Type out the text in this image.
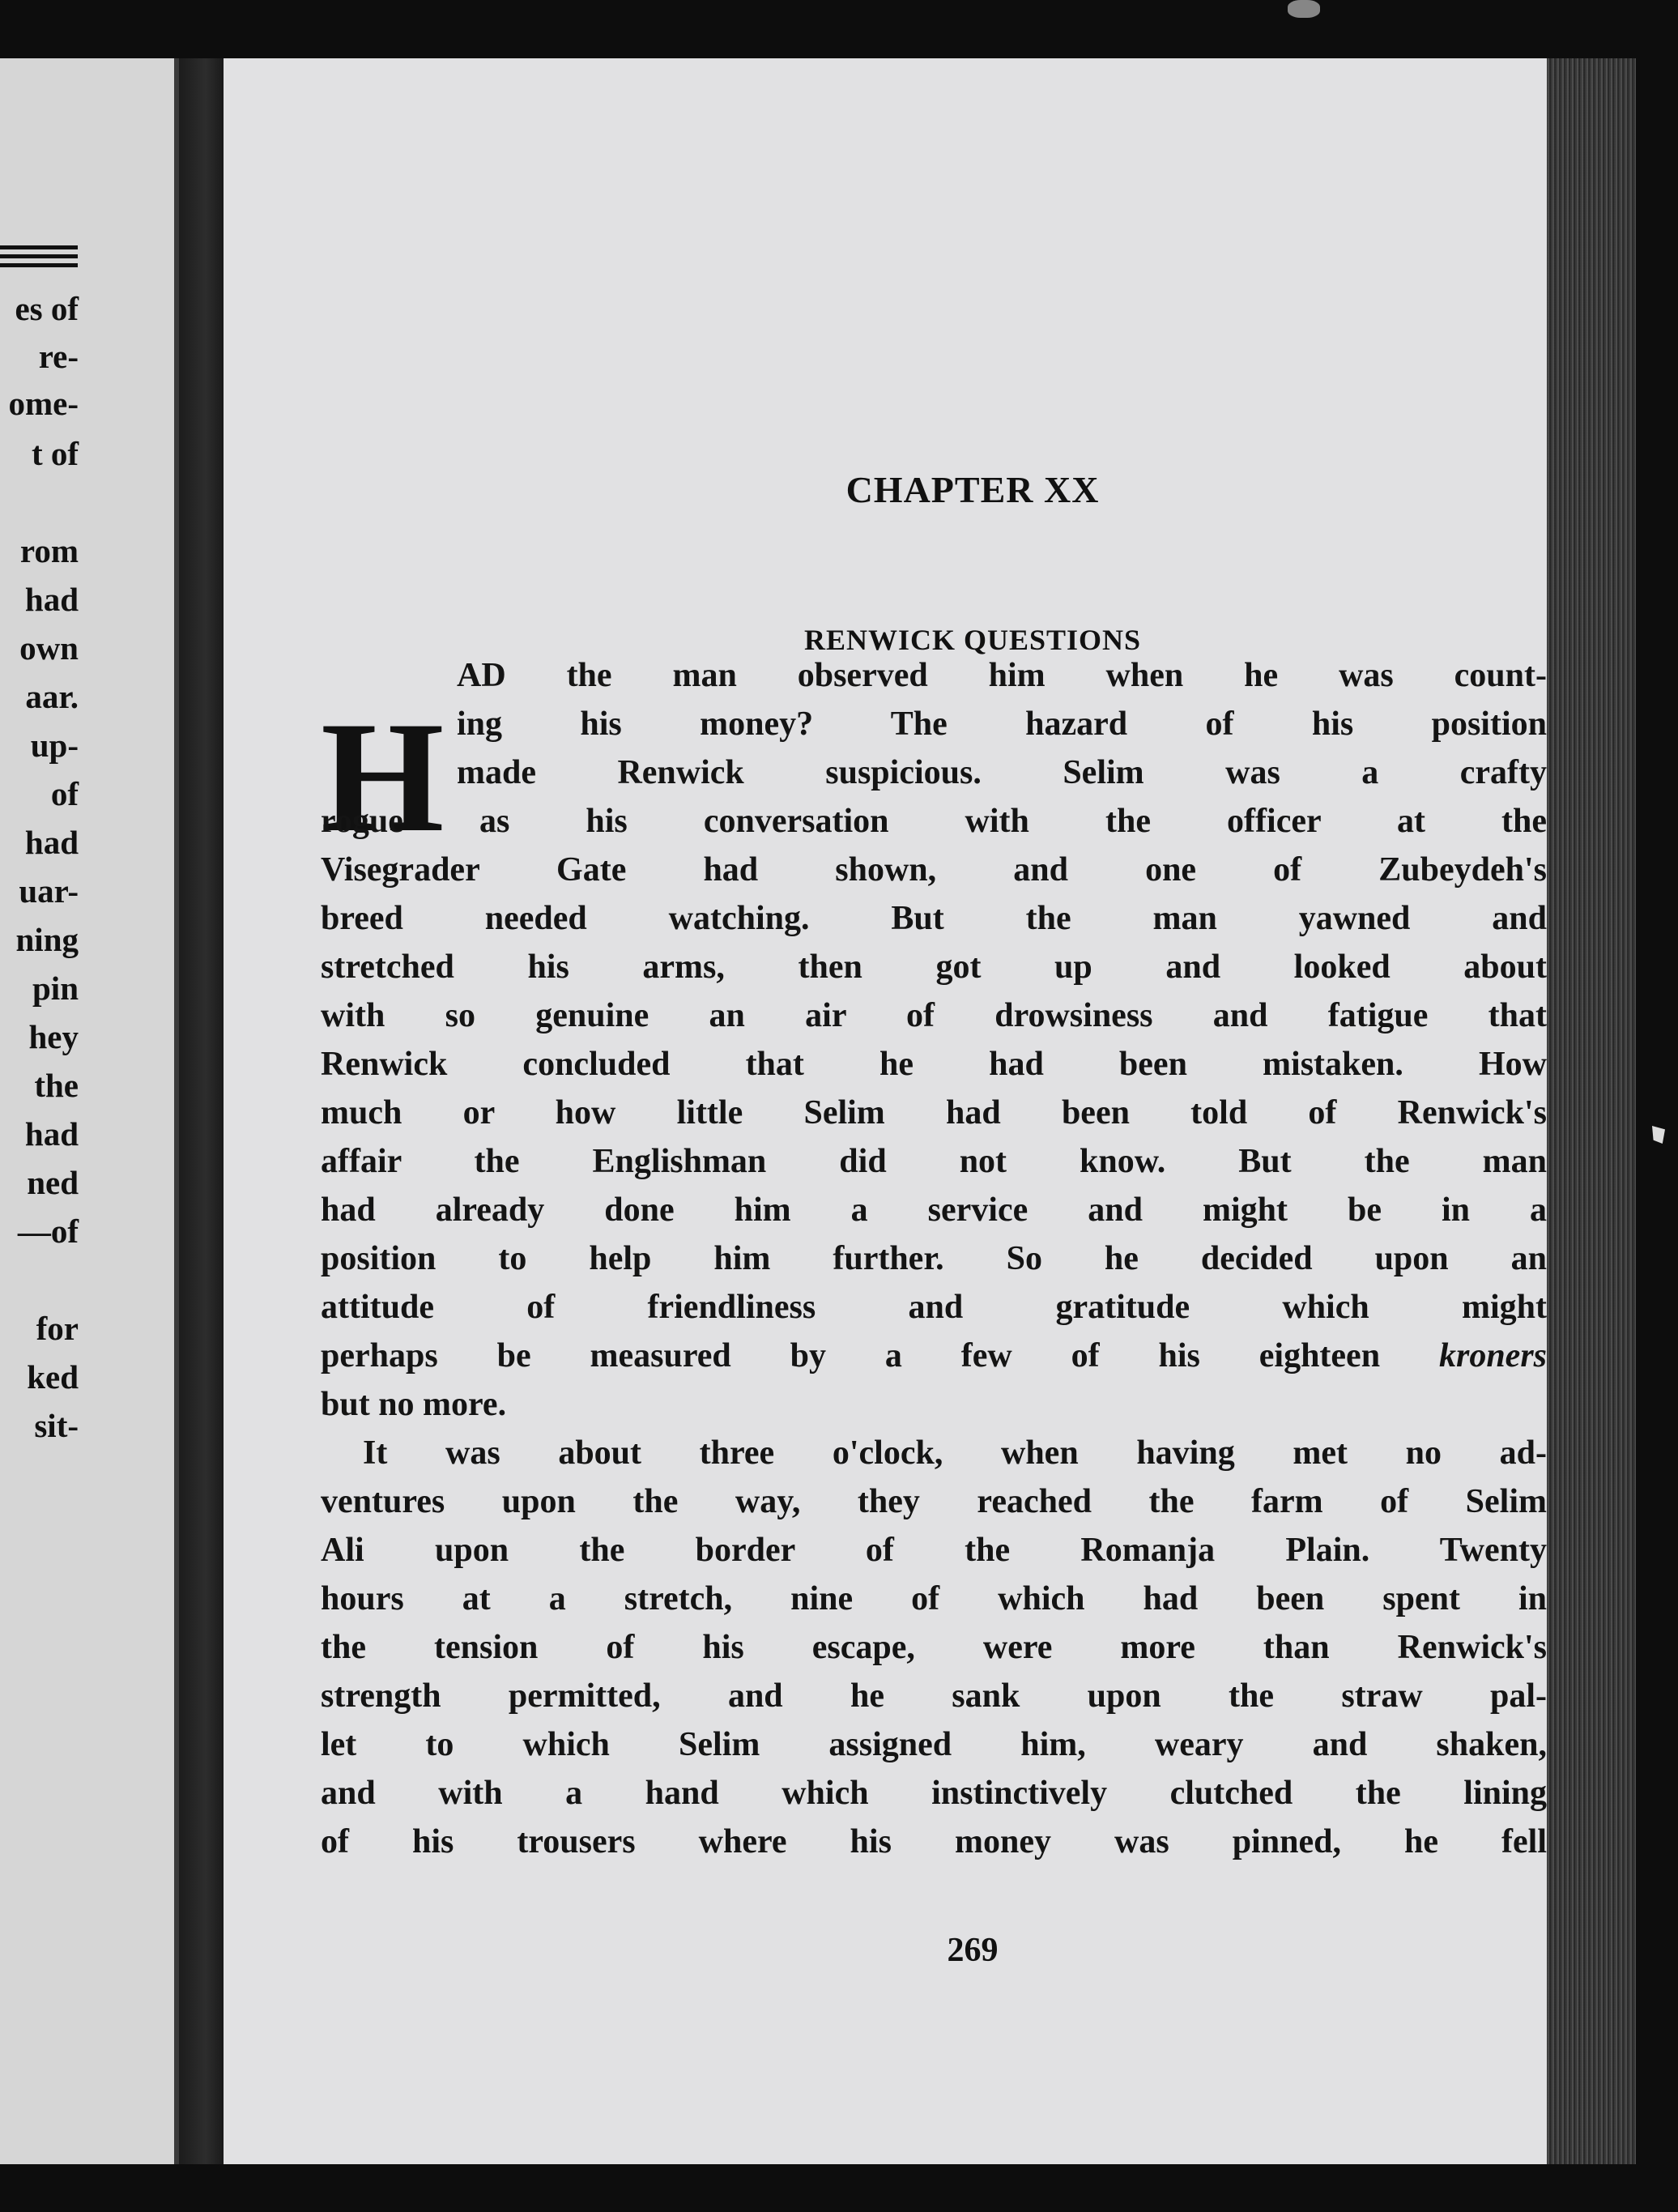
es of
re-
ome-
t of
rom
had
own
aar.
up-
of
had
uar-
ning
pin
hey
the
had
ned
—of
for
ked
sit-
CHAPTER XX
RENWICK QUESTIONS
H
AD the man observed him when he was count-
ing his money? The hazard of his position
made Renwick suspicious. Selim was a crafty
rogue as his conversation with the officer at the
Visegrader Gate had shown, and one of Zubeydeh's
breed needed watching. But the man yawned and
stretched his arms, then got up and looked about
with so genuine an air of drowsiness and fatigue that
Renwick concluded that he had been mistaken. How
much or how little Selim had been told of Renwick's
affair the Englishman did not know. But the man
had already done him a service and might be in a
position to help him further. So he decided upon an
attitude of friendliness and gratitude which might
perhaps be measured by a few of his eighteen kroners
but no more.
It was about three o'clock, when having met no ad-
ventures upon the way, they reached the farm of Selim
Ali upon the border of the Romanja Plain. Twenty
hours at a stretch, nine of which had been spent in
the tension of his escape, were more than Renwick's
strength permitted, and he sank upon the straw pal-
let to which Selim assigned him, weary and shaken,
and with a hand which instinctively clutched the lining
of his trousers where his money was pinned, he fell
269
